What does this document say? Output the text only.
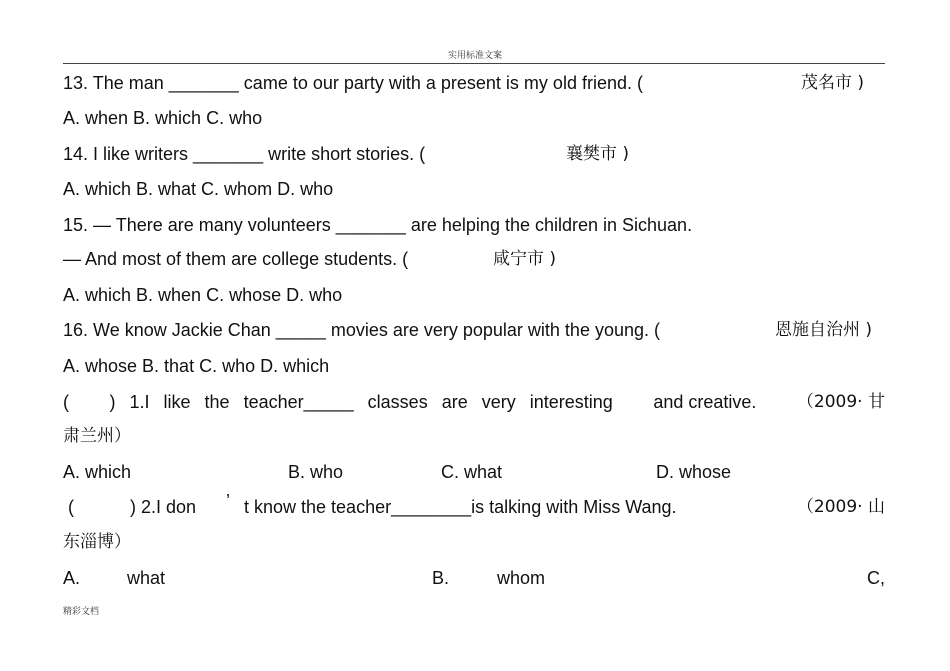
实用标准文案
13. The man _______ came to our party with a present is my old friend. (	茂名市 )
A. when B. which C. who
14. I like writers _______ write short stories. (	襄樊市 )
A. which B. what C. whom D. who
15. — There are many volunteers _______ are helping the children in Sichuan.
— And most of them are college students. (	咸宁市 )
A. which B. when C. whose D. who
16. We know Jackie Chan _____ movies are very popular with the young. (	恩施自治州 )
A. whose B. that C. who D. which
( ) 1.I like the teacher_____ classes are very interesting and creative. （2009· 甘
肃兰州）
A. which	B. who	C. what	D. whose
(	) 2.I don ’ t know the teacher________is talking with Miss Wang.	（2009· 山
东淄博）
A.	what	B.	whom	C,
精彩文档
